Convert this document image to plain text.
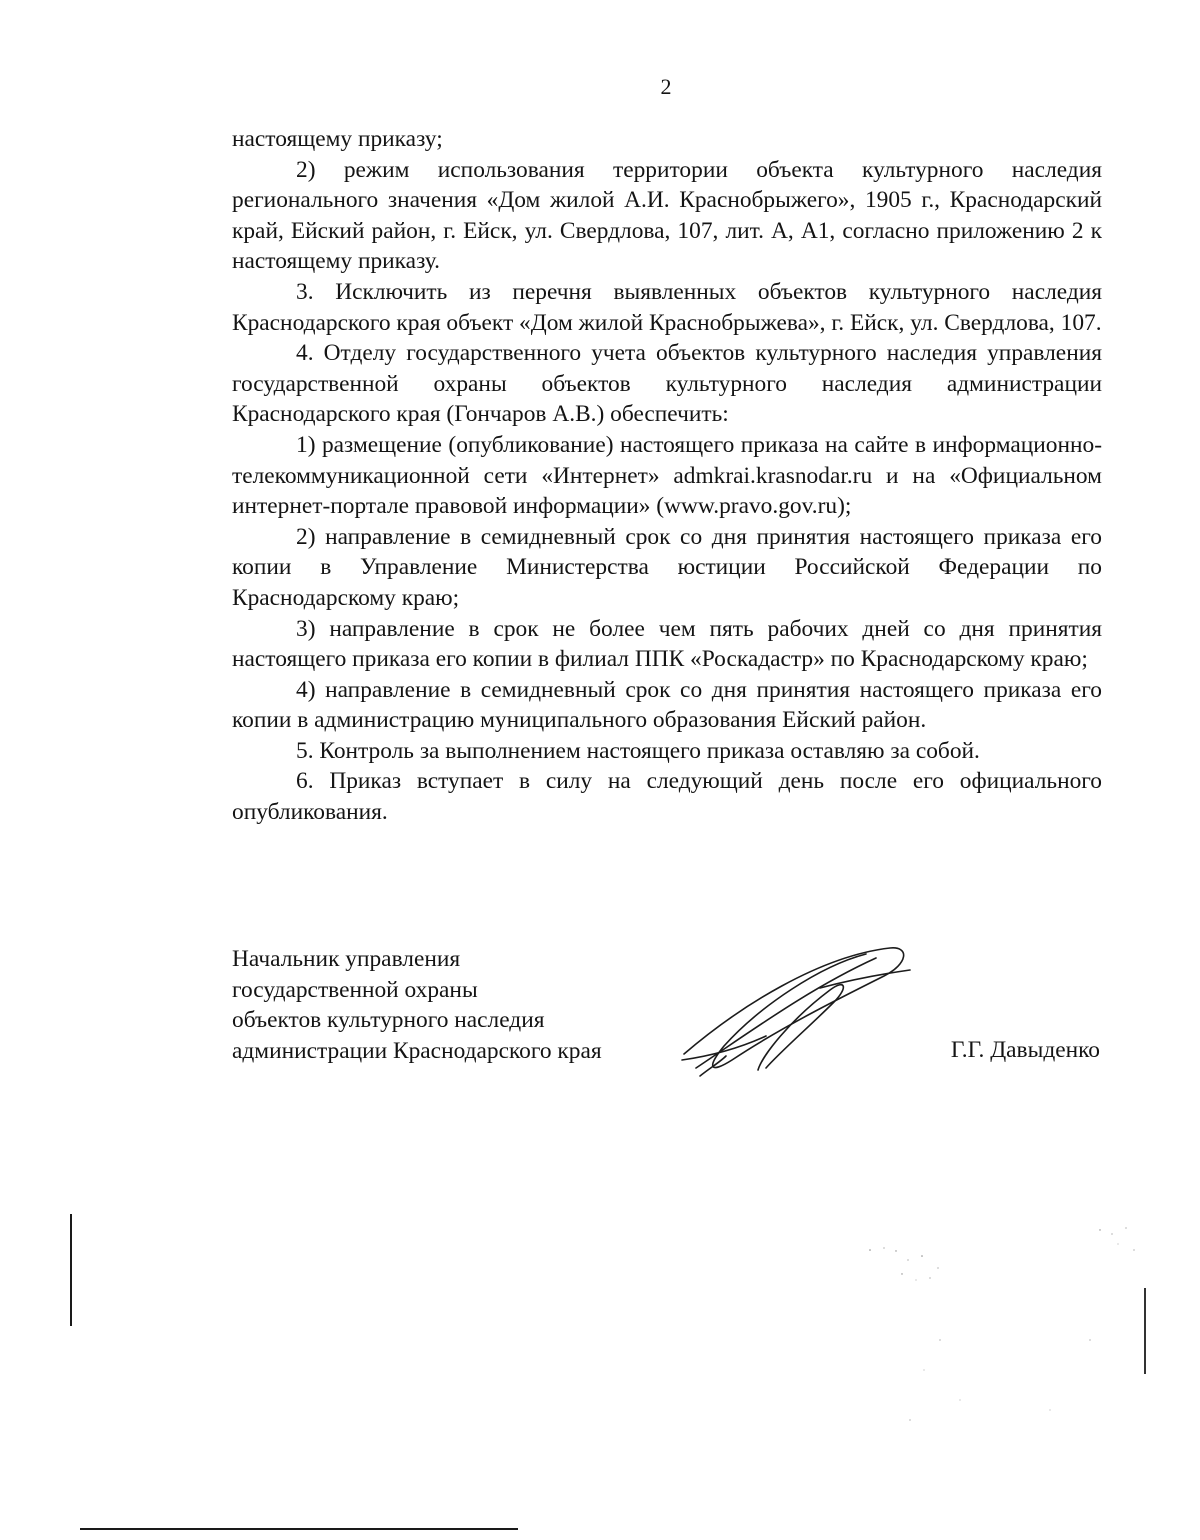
2

настоящему приказу;

2) режим использования территории объекта культурного наследия регионального значения «Дом жилой А.И. Краснобрыжего», 1905 г., Краснодарский край, Ейский район, г. Ейск, ул. Свердлова, 107, лит. А, А1, согласно приложению 2 к настоящему приказу.

3. Исключить из перечня выявленных объектов культурного наследия Краснодарского края объект «Дом жилой Краснобрыжева», г. Ейск, ул. Свердлова, 107.

4. Отделу государственного учета объектов культурного наследия управления государственной охраны объектов культурного наследия администрации Краснодарского края (Гончаров А.В.) обеспечить:

1) размещение (опубликование) настоящего приказа на сайте в информационно-телекоммуникационной сети «Интернет» admkrai.krasnodar.ru и на «Официальном интернет-портале правовой информации» (www.pravo.gov.ru);

2) направление в семидневный срок со дня принятия настоящего приказа его копии в Управление Министерства юстиции Российской Федерации по Краснодарскому краю;

3) направление в срок не более чем пять рабочих дней со дня принятия настоящего приказа его копии в филиал ППК «Роскадастр» по Краснодарскому краю;

4) направление в семидневный срок со дня принятия настоящего приказа его копии в администрацию муниципального образования Ейский район.

5. Контроль за выполнением настоящего приказа оставляю за собой.

6. Приказ вступает в силу на следующий день после его официального опубликования.

Начальник управления
государственной охраны
объектов культурного наследия
администрации Краснодарского края	Г.Г. Давыденко
